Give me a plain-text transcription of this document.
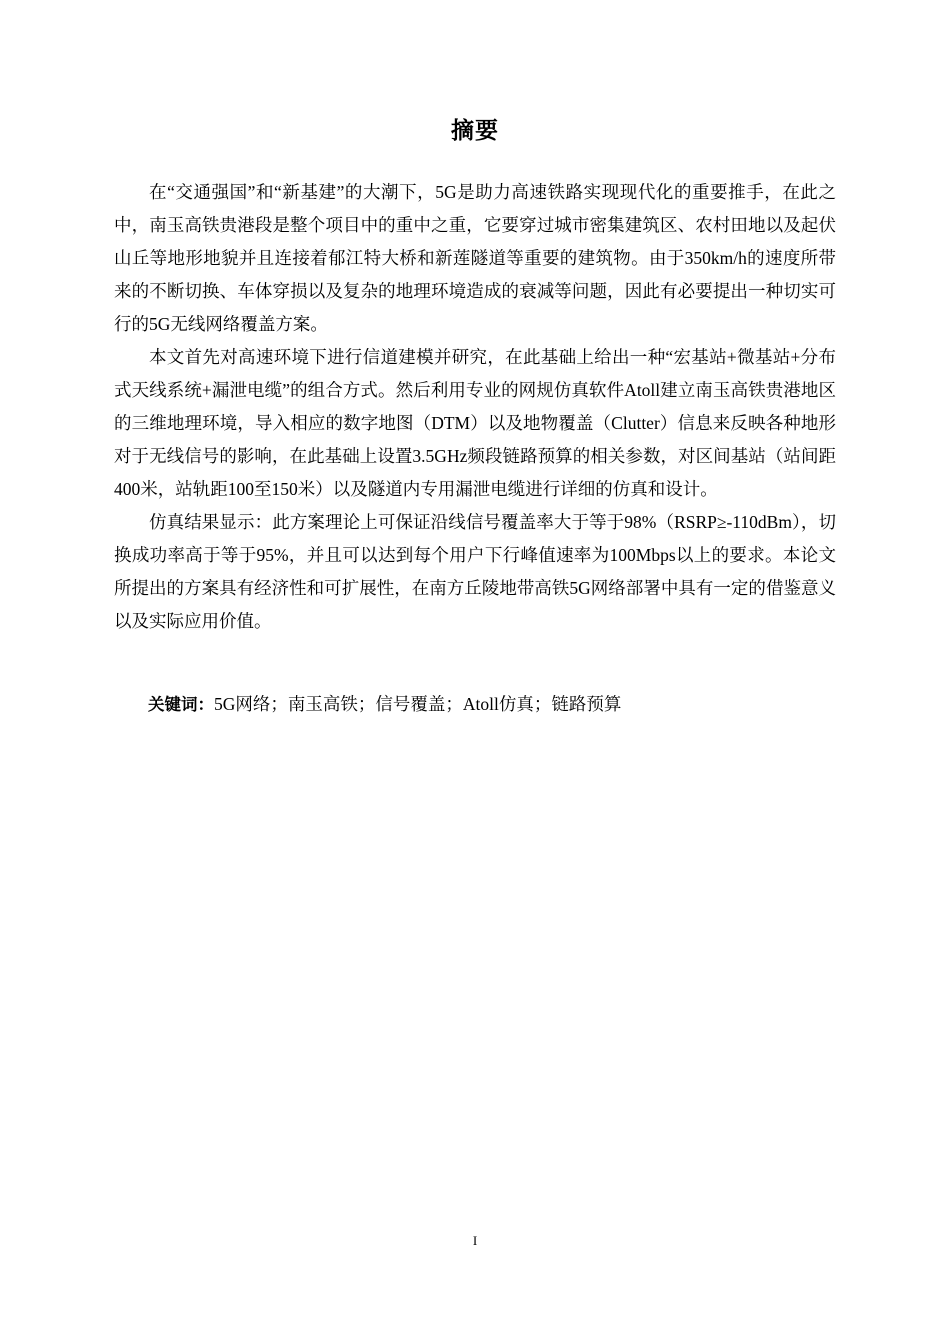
摘要

在“交通强国”和“新基建”的大潮下，5G是助力高速铁路实现现代化的重要推手，在此之中，南玉高铁贵港段是整个项目中的重中之重，它要穿过城市密集建筑区、农村田地以及起伏山丘等地形地貌并且连接着郁江特大桥和新莲隧道等重要的建筑物。由于350km/h的速度所带来的不断切换、车体穿损以及复杂的地理环境造成的衰减等问题，因此有必要提出一种切实可行的5G无线网络覆盖方案。

本文首先对高速环境下进行信道建模并研究，在此基础上给出一种“宏基站+微基站+分布式天线系统+漏泄电缆”的组合方式。然后利用专业的网规仿真软件Atoll建立南玉高铁贵港地区的三维地理环境，导入相应的数字地图（DTM）以及地物覆盖（Clutter）信息来反映各种地形对于无线信号的影响，在此基础上设置3.5GHz频段链路预算的相关参数，对区间基站（站间距400米，站轨距100至150米）以及隧道内专用漏泄电缆进行详细的仿真和设计。

仿真结果显示：此方案理论上可保证沿线信号覆盖率大于等于98%（RSRP≥-110dBm），切换成功率高于等于95%，并且可以达到每个用户下行峰值速率为100Mbps以上的要求。本论文所提出的方案具有经济性和可扩展性，在南方丘陵地带高铁5G网络部署中具有一定的借鉴意义以及实际应用价值。

关键词：5G网络；南玉高铁；信号覆盖；Atoll仿真；链路预算
I
